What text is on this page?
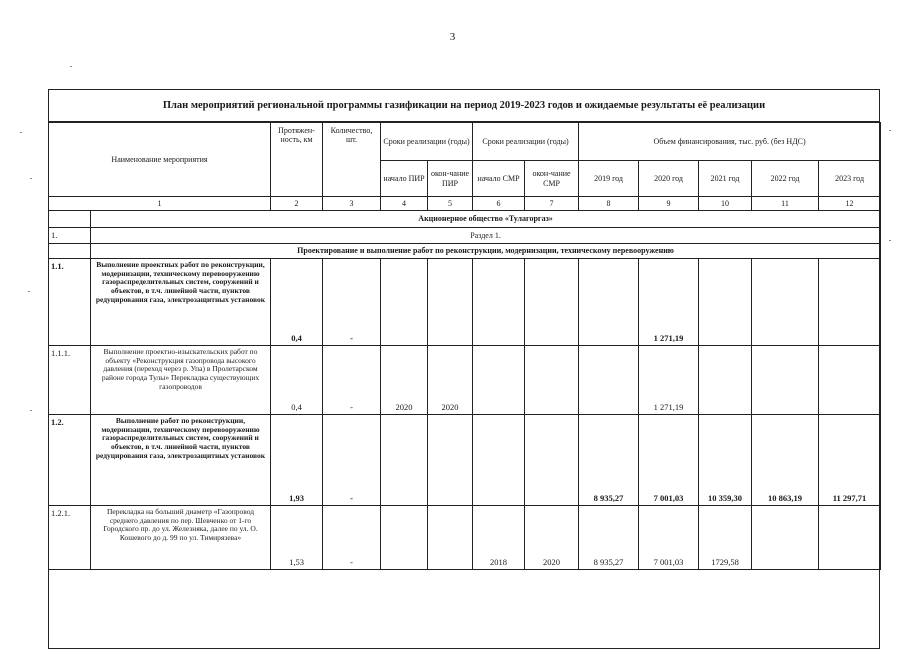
3
План мероприятий региональной программы газификации на период 2019-2023 годов и ожидаемые результаты её реализации
Наименование мероприятия		Протяжен-ность, км	Количество, шт.	Сроки реализации (годы)		Сроки реализации (годы)		Объем финансирования, тыс. руб. (без НДС)				
				начало ПИР	окон-чание ПИР	начало СМР	окон-чание СМР	2019 год	2020 год	2021 год	2022 год	2023 год
1		2	3	4	5	6	7	8	9	10	11	12
	Акционерное общество «Тулагоргаз»											
1.	Раздел 1.											
	Проектирование и выполнение работ по реконструкции, модернизации, техническому перевооружению											
1.1.	Выполнение проектных работ по реконструкции, модернизации, техническому перевооружению газораспределительных систем, сооружений и объектов, в т.ч. линейной части, пунктов редуцирования газа, электрозащитных установок	0,4	-						1 271,19			
1.1.1.	Выполнение проектно-изыскательских работ по объекту «Реконструкция газопровода высокого давления (переход через р. Упа) в Пролетарском районе города Тулы» Перекладка существующих газопроводов	0,4	-	2020	2020				1 271,19			
1.2.	Выполнение работ по реконструкции, модернизации, техническому перевооружению газораспределительных систем, сооружений и объектов, в т.ч. линейной части, пунктов редуцирования газа, электрозащитных установок	1,93	-					8 935,27	7 001,03	10 359,30	10 863,19	11 297,71
1.2.1.	Перекладка на больший диаметр «Газопровод среднего давления по пер. Шевченко от 1-го Городского пр. до ул. Железняка, далее по ул. О. Кошевого до д. 99 по ул. Тимирязева»	1,53	-			2018	2020	8 935,27	7 001,03	1729,58		
